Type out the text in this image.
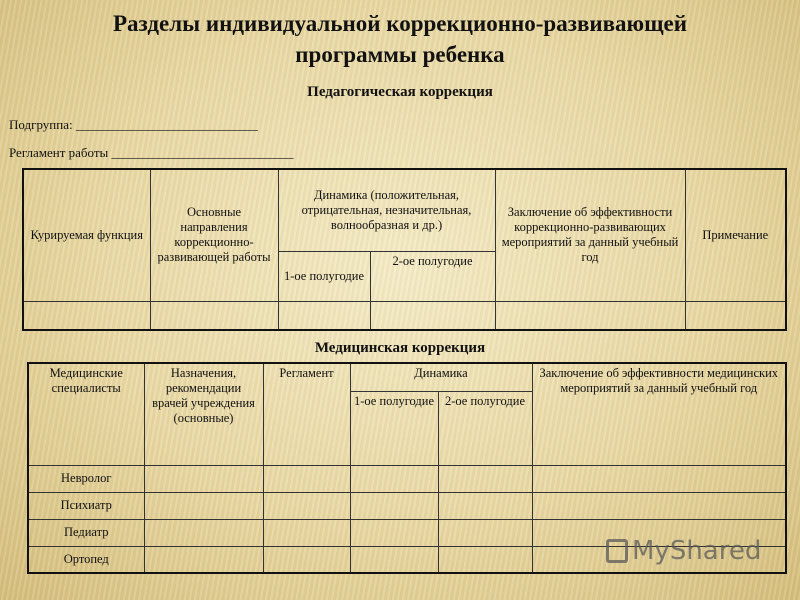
Разделы индивидуальной коррекционно-развивающей
программы ребенка
Педагогическая коррекция
Подгруппа: ____________________________
Регламент работы ____________________________
Курируемая функция	Основные направления коррекционно-развивающей работы	Динамика (положительная, отрицательная, незначительная, волнообразная и др.)		Заключение об эффективности коррекционно-развивающих мероприятий за данный учебный год	Примечание
		1-ое полугодие	2-ое полугодие		

Медицинская коррекция
Медицинские специалисты	Назначения, рекомендации врачей учреждения (основные)	Регламент	Динамика		Заключение об эффективности медицинских мероприятий за данный учебный год
			1-ое полугодие	2-ое полугодие	
Невролог					
Психиатр					
Педиатр					
Ортопед						MyShared
